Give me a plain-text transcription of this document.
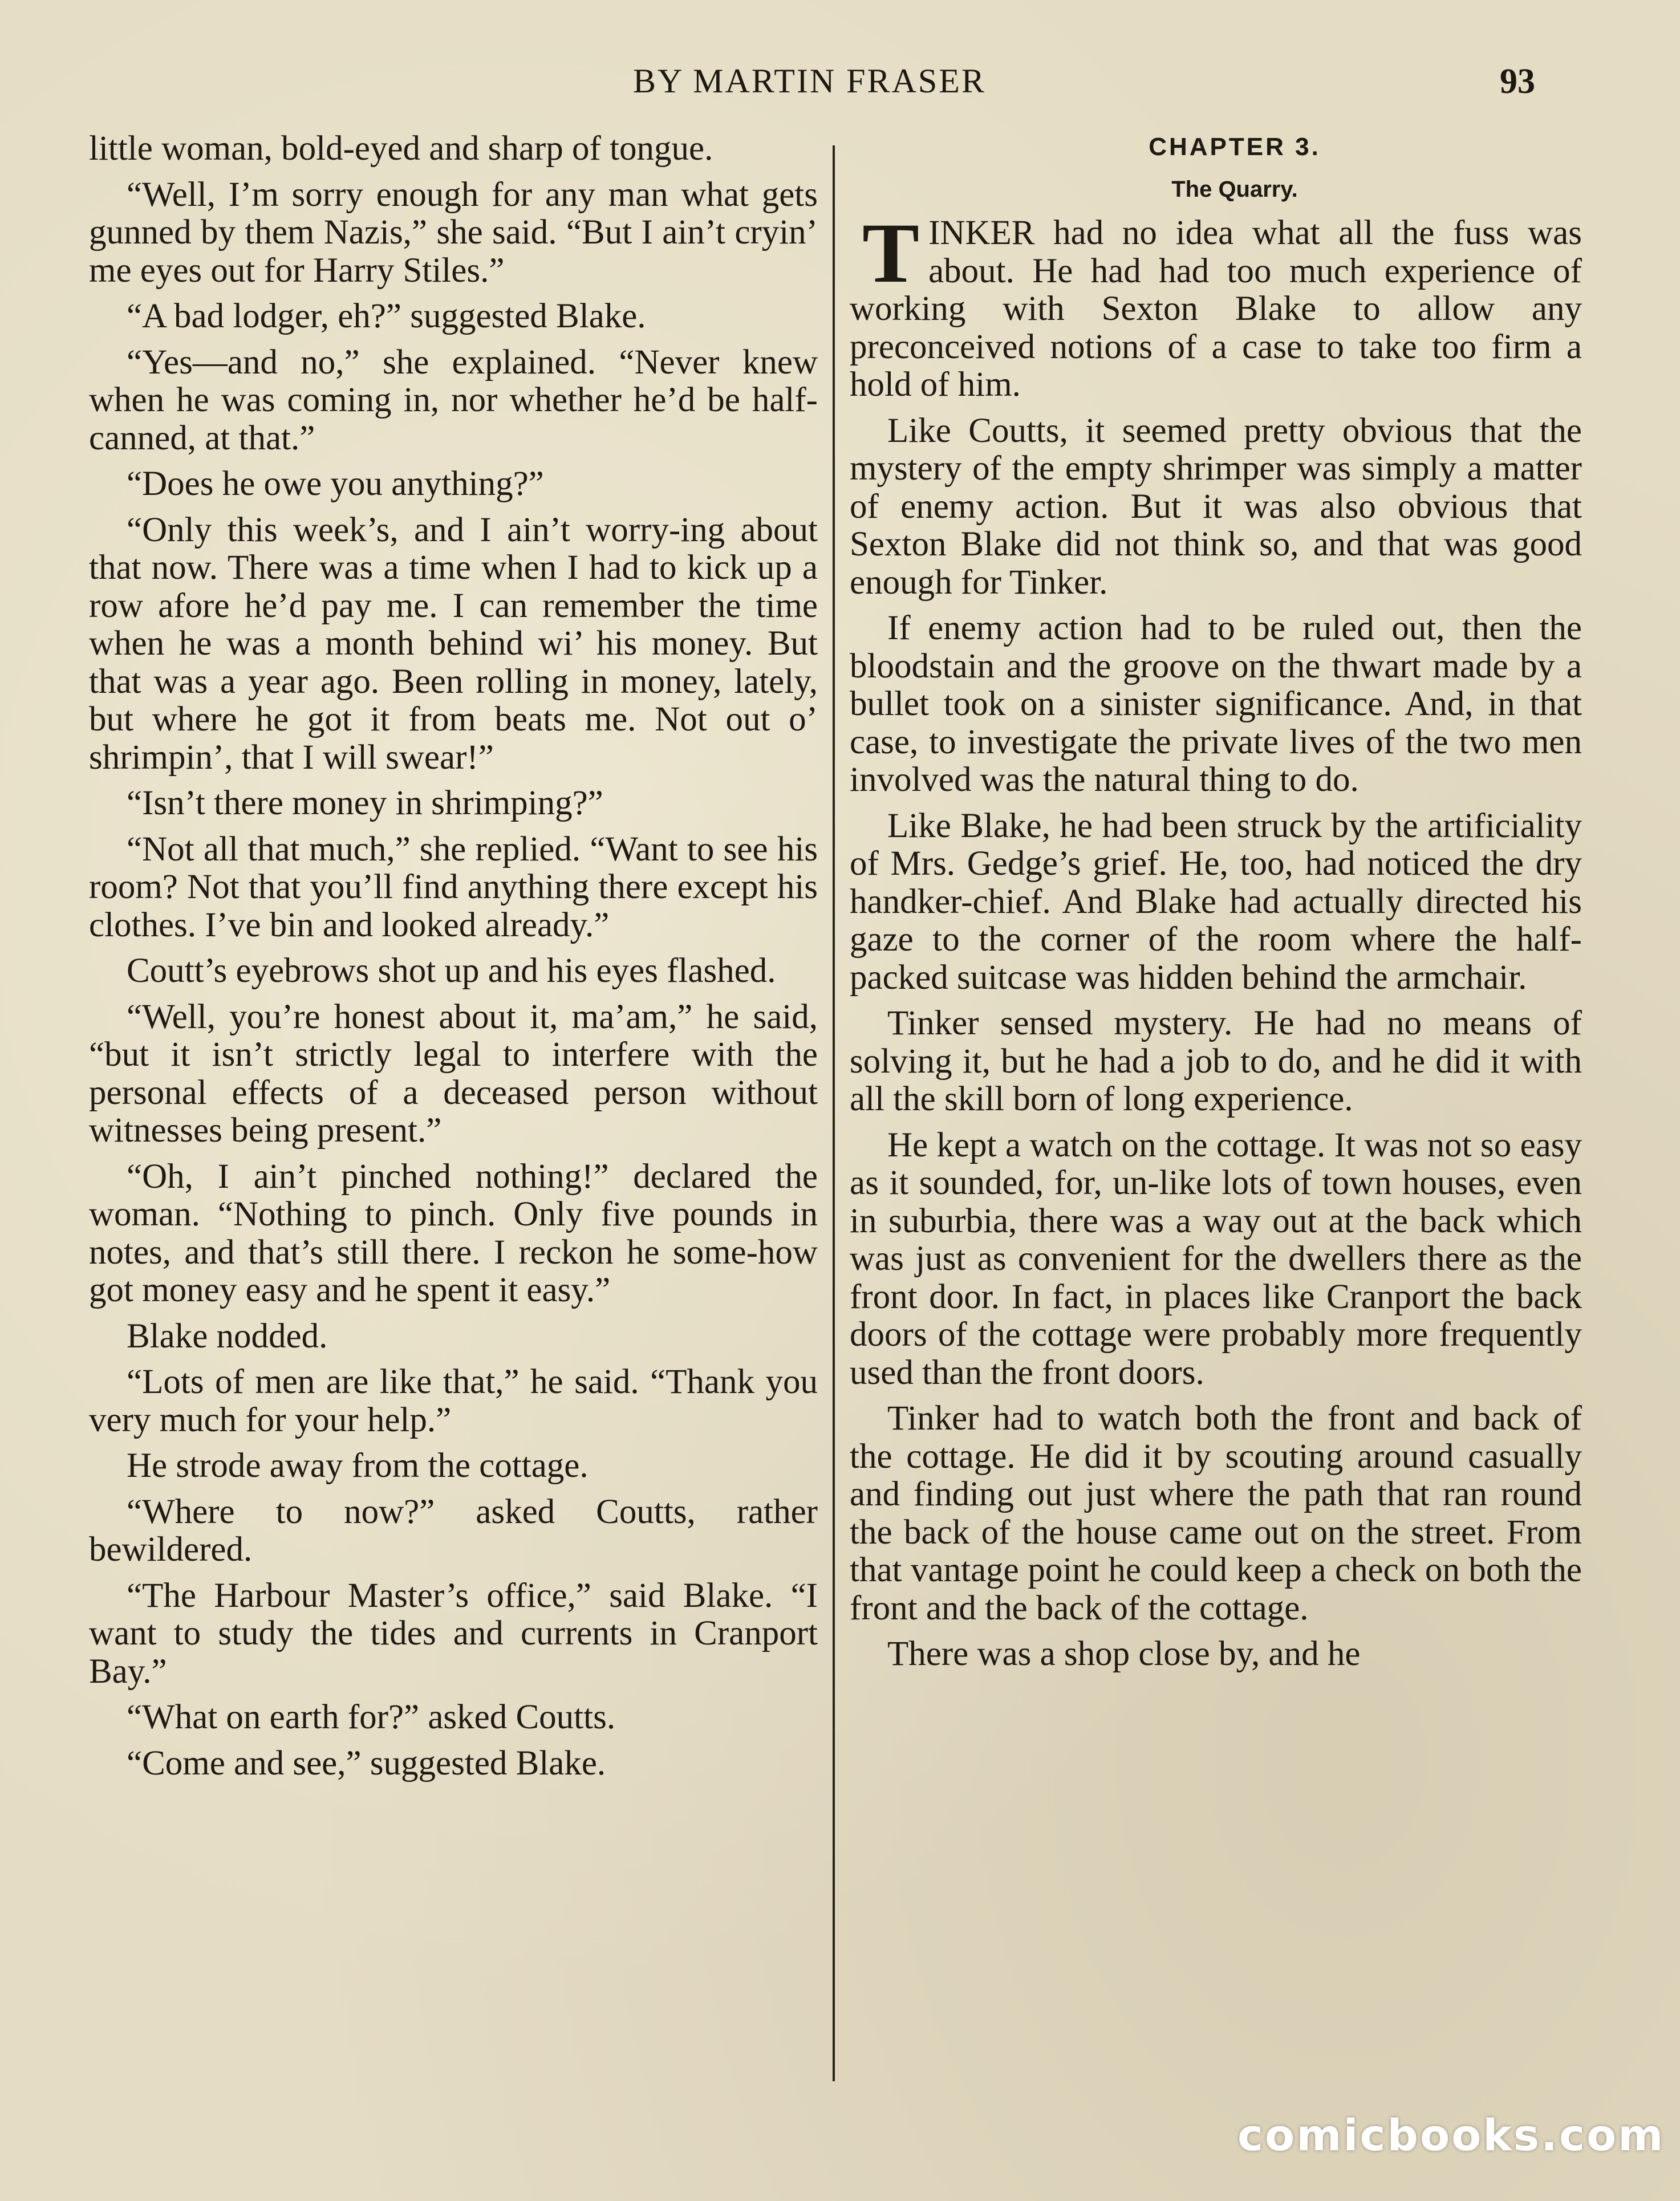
BY MARTIN FRASER	93

little woman, bold-eyed and sharp of tongue.

“Well, I’m sorry enough for any man what gets gunned by them Nazis,” she said. “But I ain’t cryin’ me eyes out for Harry Stiles.”

“A bad lodger, eh?” suggested Blake.

“Yes—and no,” she explained. “Never knew when he was coming in, nor whether he’d be half-canned, at that.”

“Does he owe you anything?”

“Only this week’s, and I ain’t worry-ing about that now. There was a time when I had to kick up a row afore he’d pay me. I can remember the time when he was a month behind wi’ his money. But that was a year ago. Been rolling in money, lately, but where he got it from beats me. Not out o’ shrimpin’, that I will swear!”

“Isn’t there money in shrimping?”

“Not all that much,” she replied. “Want to see his room? Not that you’ll find anything there except his clothes. I’ve bin and looked already.”

Coutt’s eyebrows shot up and his eyes flashed.

“Well, you’re honest about it, ma’am,” he said, “but it isn’t strictly legal to interfere with the personal effects of a deceased person without witnesses being present.”

“Oh, I ain’t pinched nothing!” declared the woman. “Nothing to pinch. Only five pounds in notes, and that’s still there. I reckon he some-how got money easy and he spent it easy.”

Blake nodded.

“Lots of men are like that,” he said. “Thank you very much for your help.”

He strode away from the cottage.

“Where to now?” asked Coutts, rather bewildered.

“The Harbour Master’s office,” said Blake. “I want to study the tides and currents in Cranport Bay.”

“What on earth for?” asked Coutts.

“Come and see,” suggested Blake.

CHAPTER 3.

The Quarry.

TINKER had no idea what all the fuss was about. He had had too much experience of working with Sexton Blake to allow any preconceived notions of a case to take too firm a hold of him.

Like Coutts, it seemed pretty obvious that the mystery of the empty shrimper was simply a matter of enemy action. But it was also obvious that Sexton Blake did not think so, and that was good enough for Tinker.

If enemy action had to be ruled out, then the bloodstain and the groove on the thwart made by a bullet took on a sinister significance. And, in that case, to investigate the private lives of the two men involved was the natural thing to do.

Like Blake, he had been struck by the artificiality of Mrs. Gedge’s grief. He, too, had noticed the dry handker-chief. And Blake had actually directed his gaze to the corner of the room where the half-packed suitcase was hidden behind the armchair.

Tinker sensed mystery. He had no means of solving it, but he had a job to do, and he did it with all the skill born of long experience.

He kept a watch on the cottage. It was not so easy as it sounded, for, un-like lots of town houses, even in suburbia, there was a way out at the back which was just as convenient for the dwellers there as the front door. In fact, in places like Cranport the back doors of the cottage were probably more frequently used than the front doors.

Tinker had to watch both the front and back of the cottage. He did it by scouting around casually and finding out just where the path that ran round the back of the house came out on the street. From that vantage point he could keep a check on both the front and the back of the cottage.

There was a shop close by, and he

comicbooks.com
